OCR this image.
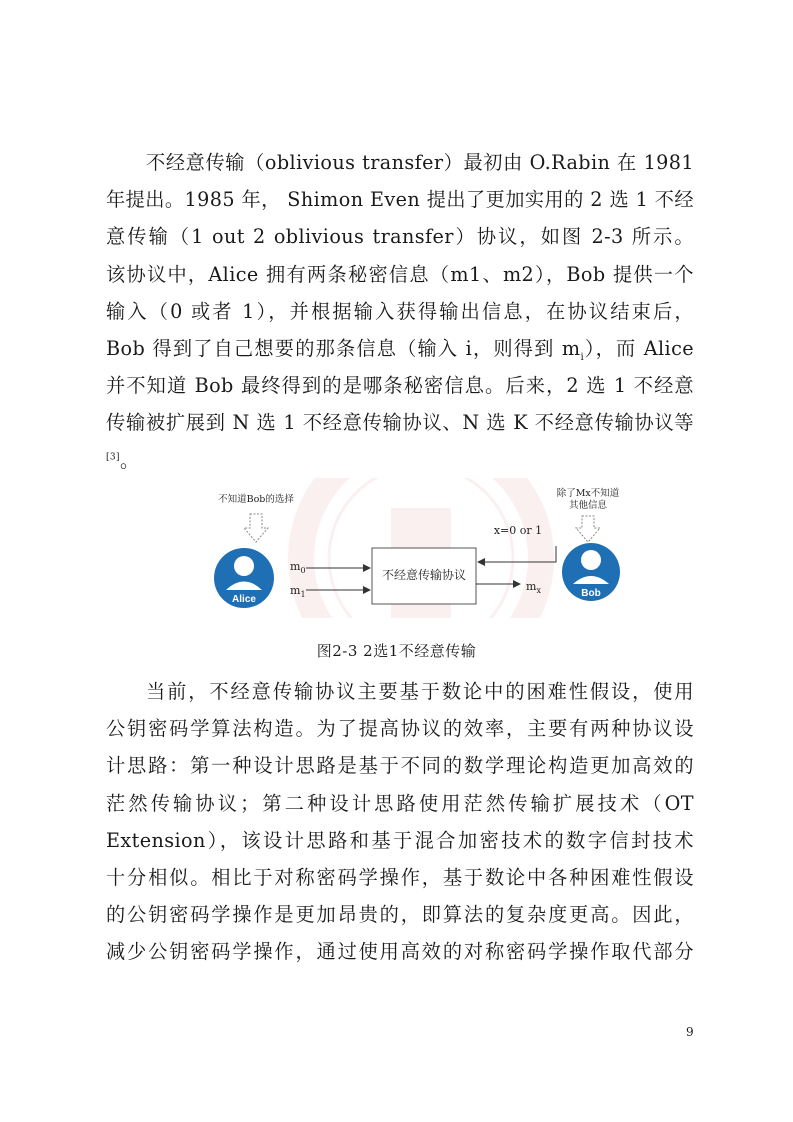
不经意传输（oblivious transfer）最初由 O.Rabin 在 1981
年提出。1985 年， Shimon Even 提出了更加实用的 2 选 1 不经
意传输（1 out 2 oblivious transfer）协议，如图 2-3 所示。
该协议中，Alice 拥有两条秘密信息（m1、m2），Bob 提供一个
输入（0 或者 1），并根据输入获得输出信息，在协议结束后，
Bob 得到了自己想要的那条信息（输入 i，则得到 $m_i$），而 Alice
并不知道 Bob 最终得到的是哪条秘密信息。后来，2 选 1 不经意
传输被扩展到 N 选 1 不经意传输协议、N 选 K 不经意传输协议等
[3]。
不知道Bob的选择
Alice
$m_0$
$m_1$
不经意传输协议
x=0 or 1
$m_x$
除了Mx不知道
其他信息
Bob
图2-3 2选1不经意传输
当前，不经意传输协议主要基于数论中的困难性假设，使用
公钥密码学算法构造。为了提高协议的效率，主要有两种协议设
计思路：第一种设计思路是基于不同的数学理论构造更加高效的
茫然传输协议；第二种设计思路使用茫然传输扩展技术（OT
Extension），该设计思路和基于混合加密技术的数字信封技术
十分相似。相比于对称密码学操作，基于数论中各种困难性假设
的公钥密码学操作是更加昂贵的，即算法的复杂度更高。因此，
减少公钥密码学操作，通过使用高效的对称密码学操作取代部分
9
